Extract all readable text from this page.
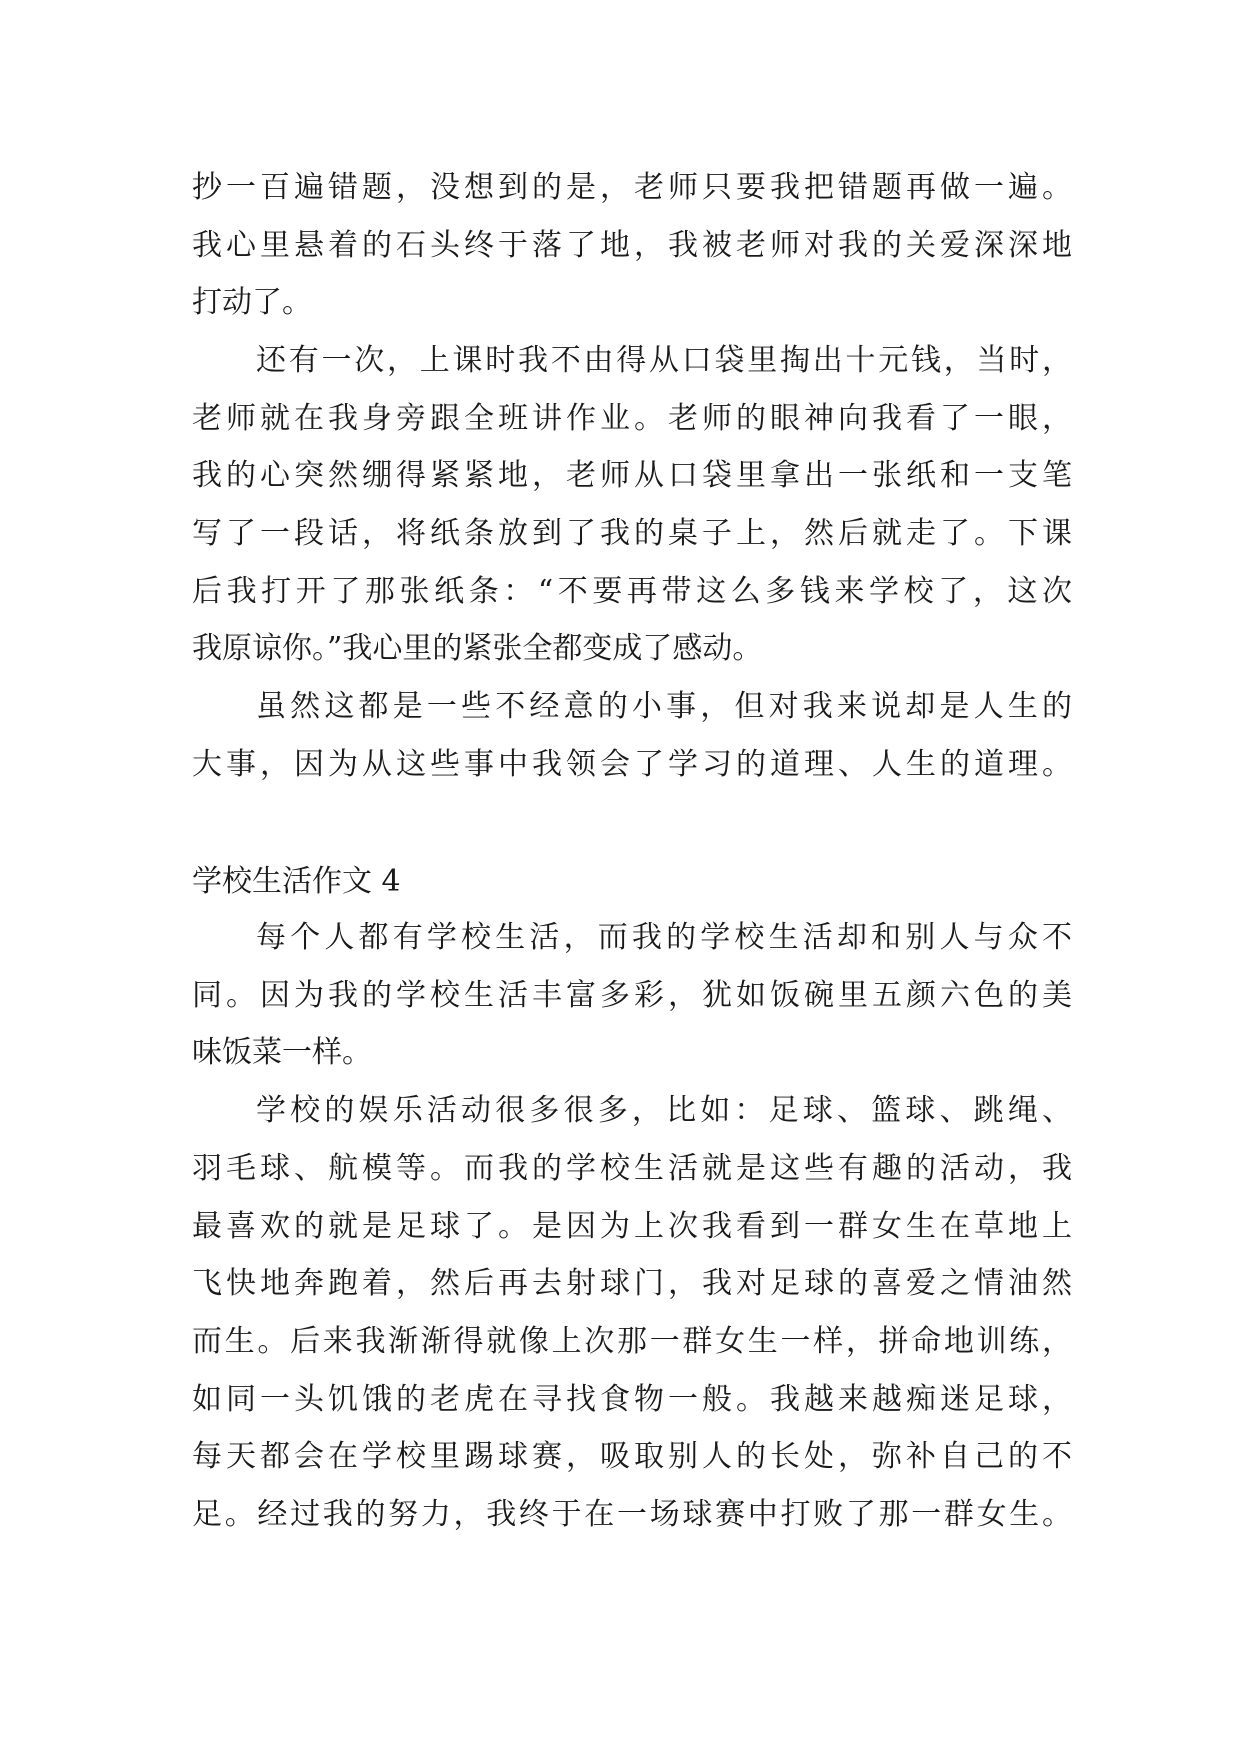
抄一百遍错题，没想到的是，老师只要我把错题再做一遍。
我心里悬着的石头终于落了地，我被老师对我的关爱深深地
打动了。
还有一次，上课时我不由得从口袋里掏出十元钱，当时，
老师就在我身旁跟全班讲作业。老师的眼神向我看了一眼，
我的心突然绷得紧紧地，老师从口袋里拿出一张纸和一支笔
写了一段话，将纸条放到了我的桌子上，然后就走了。下课
后我打开了那张纸条：“不要再带这么多钱来学校了，这次
我原谅你。”我心里的紧张全都变成了感动。
虽然这都是一些不经意的小事，但对我来说却是人生的
大事，因为从这些事中我领会了学习的道理、人生的道理。
学校生活作文 4
每个人都有学校生活，而我的学校生活却和别人与众不
同。因为我的学校生活丰富多彩，犹如饭碗里五颜六色的美
味饭菜一样。
学校的娱乐活动很多很多，比如：足球、篮球、跳绳、
羽毛球、航模等。而我的学校生活就是这些有趣的活动，我
最喜欢的就是足球了。是因为上次我看到一群女生在草地上
飞快地奔跑着，然后再去射球门，我对足球的喜爱之情油然
而生。后来我渐渐得就像上次那一群女生一样，拼命地训练，
如同一头饥饿的老虎在寻找食物一般。我越来越痴迷足球，
每天都会在学校里踢球赛，吸取别人的长处，弥补自己的不
足。经过我的努力，我终于在一场球赛中打败了那一群女生。
